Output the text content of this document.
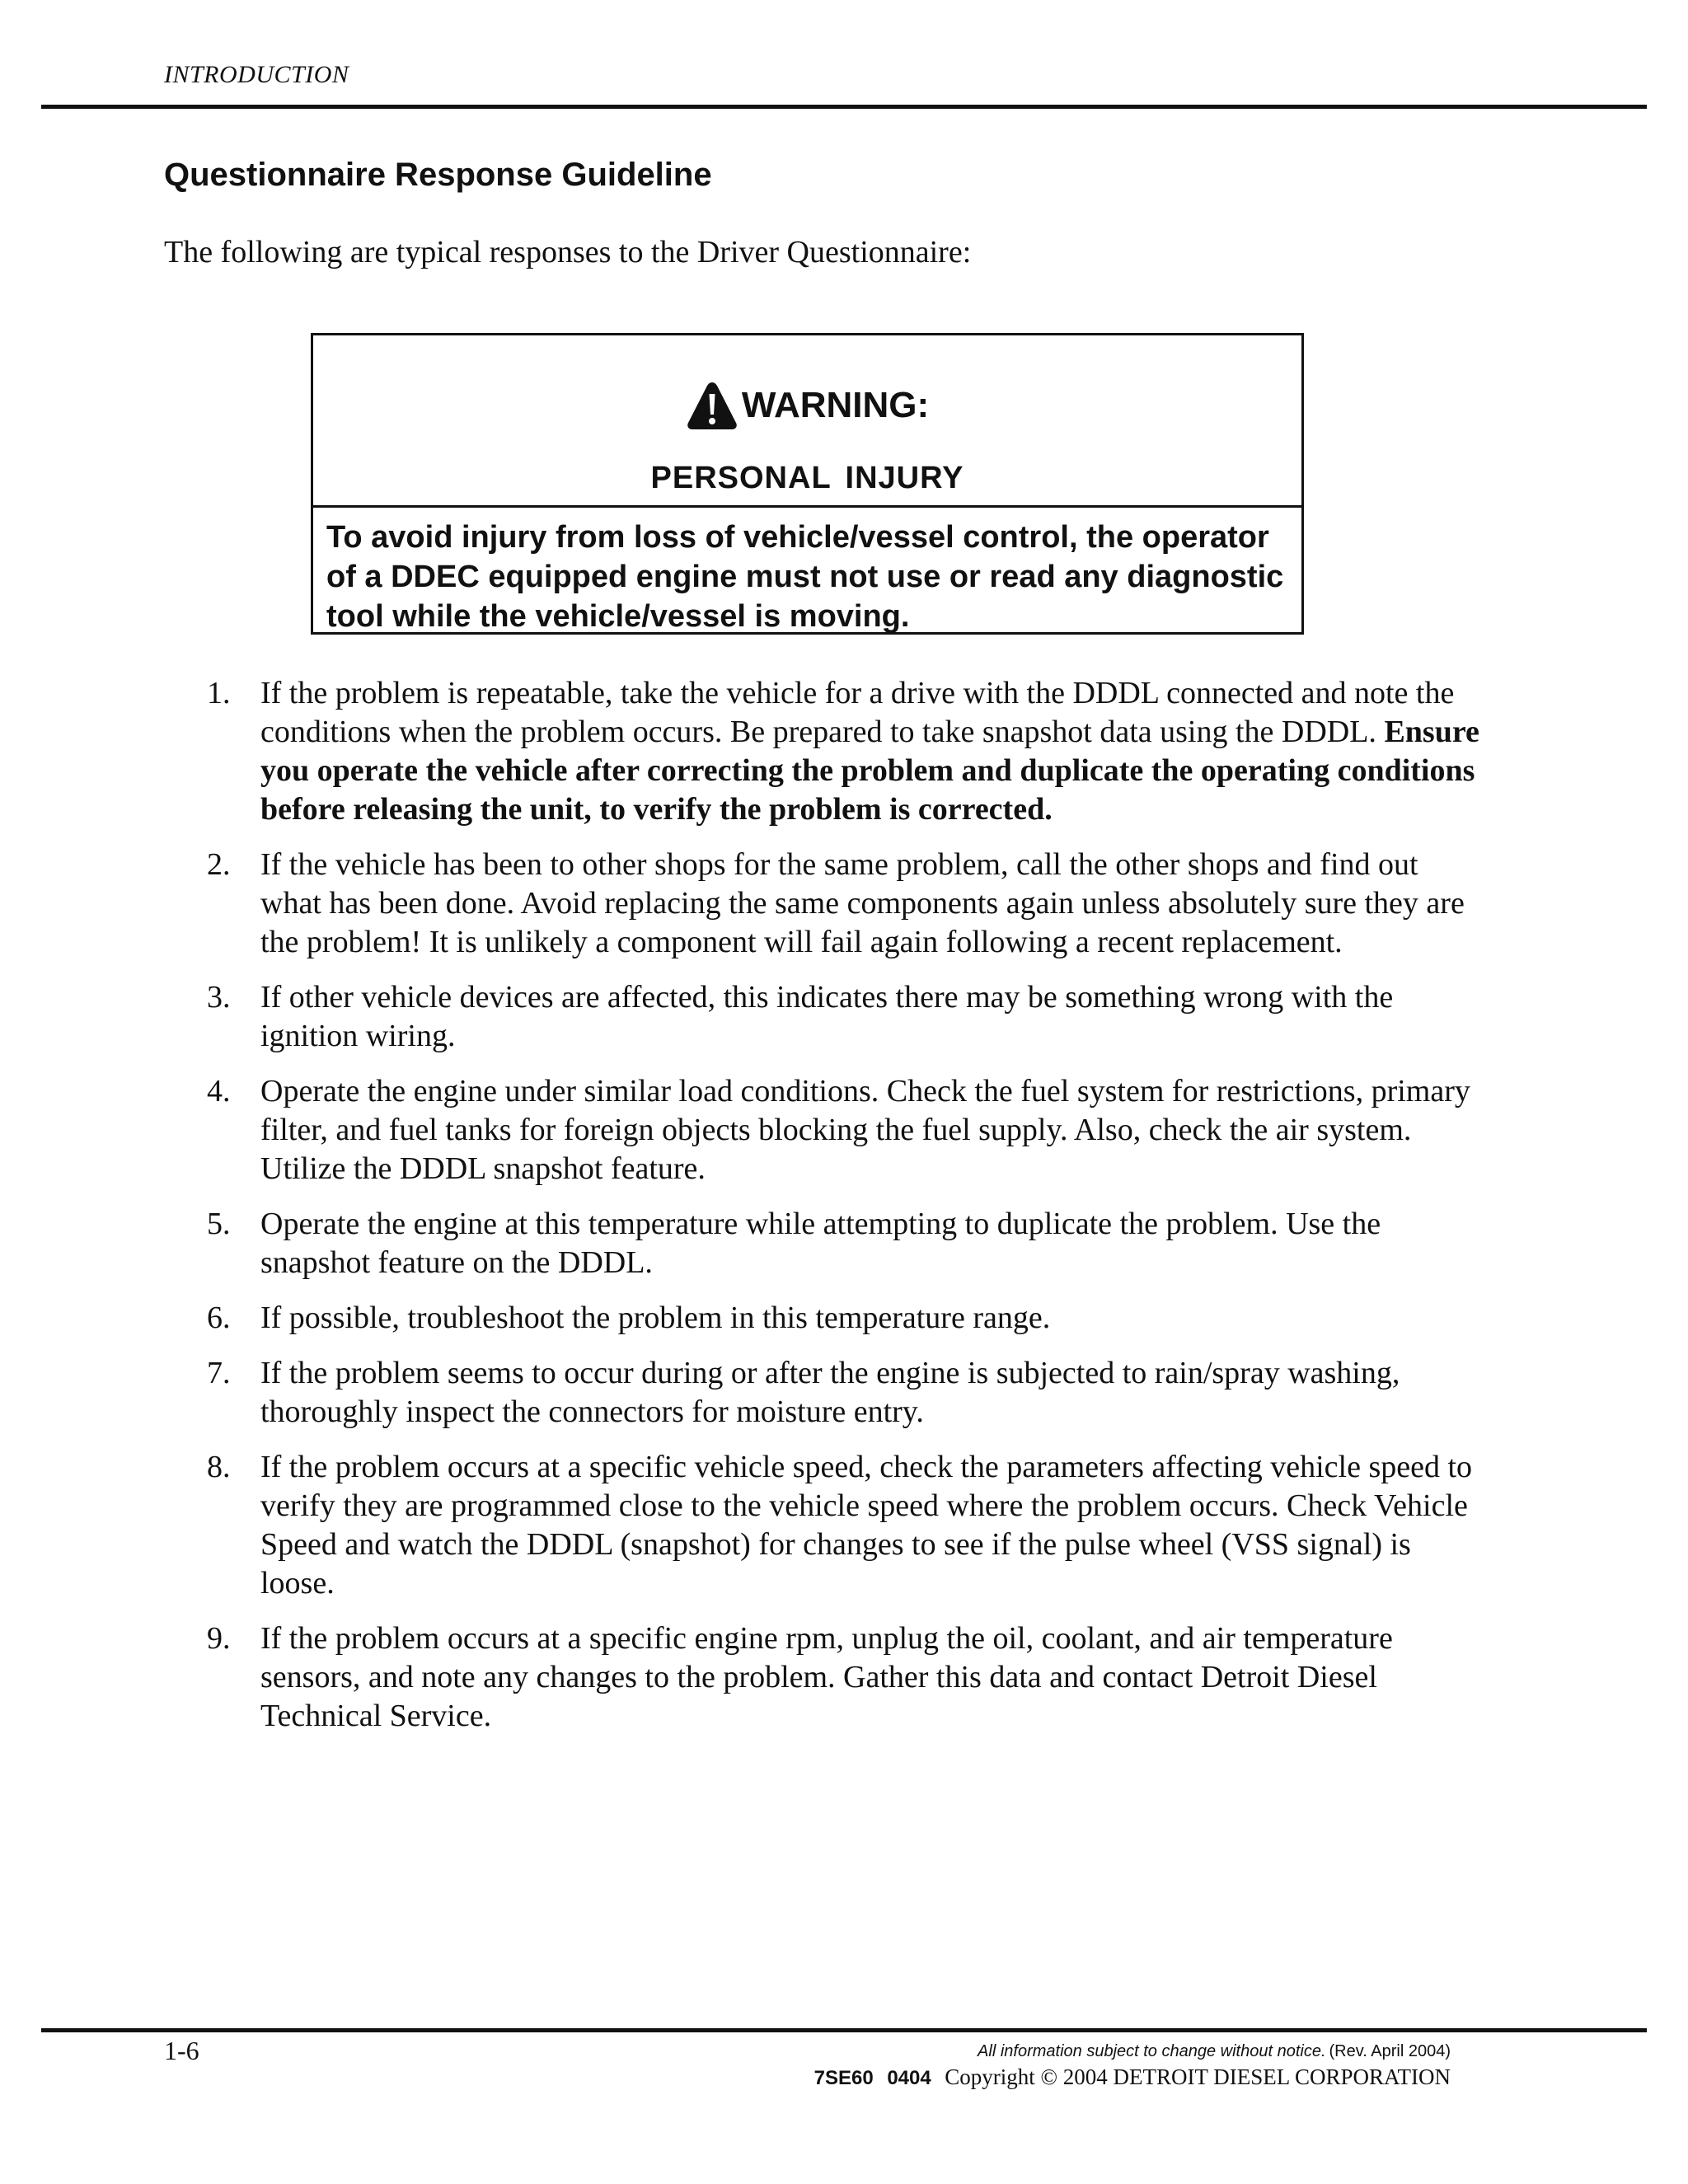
INTRODUCTION
Questionnaire Response Guideline

The following are typical responses to the Driver Questionnaire:

WARNING:
PERSONAL INJURY

To avoid injury from loss of vehicle/vessel control, the operator of a DDEC equipped engine must not use or read any diagnostic tool while the vehicle/vessel is moving.

1. If the problem is repeatable, take the vehicle for a drive with the DDDL connected and note the conditions when the problem occurs. Be prepared to take snapshot data using the DDDL. Ensure you operate the vehicle after correcting the problem and duplicate the operating conditions before releasing the unit, to verify the problem is corrected.
2. If the vehicle has been to other shops for the same problem, call the other shops and find out what has been done. Avoid replacing the same components again unless absolutely sure they are the problem! It is unlikely a component will fail again following a recent replacement.
3. If other vehicle devices are affected, this indicates there may be something wrong with the ignition wiring.
4. Operate the engine under similar load conditions. Check the fuel system for restrictions, primary filter, and fuel tanks for foreign objects blocking the fuel supply. Also, check the air system. Utilize the DDDL snapshot feature.
5. Operate the engine at this temperature while attempting to duplicate the problem. Use the snapshot feature on the DDDL.
6. If possible, troubleshoot the problem in this temperature range.
7. If the problem seems to occur during or after the engine is subjected to rain/spray washing, thoroughly inspect the connectors for moisture entry.
8. If the problem occurs at a specific vehicle speed, check the parameters affecting vehicle speed to verify they are programmed close to the vehicle speed where the problem occurs. Check Vehicle Speed and watch the DDDL (snapshot) for changes to see if the pulse wheel (VSS signal) is loose.
9. If the problem occurs at a specific engine rpm, unplug the oil, coolant, and air temperature sensors, and note any changes to the problem. Gather this data and contact Detroit Diesel Technical Service.
1-6	All information subject to change without notice. (Rev. April 2004)
7SE60 0404 Copyright © 2004 DETROIT DIESEL CORPORATION
